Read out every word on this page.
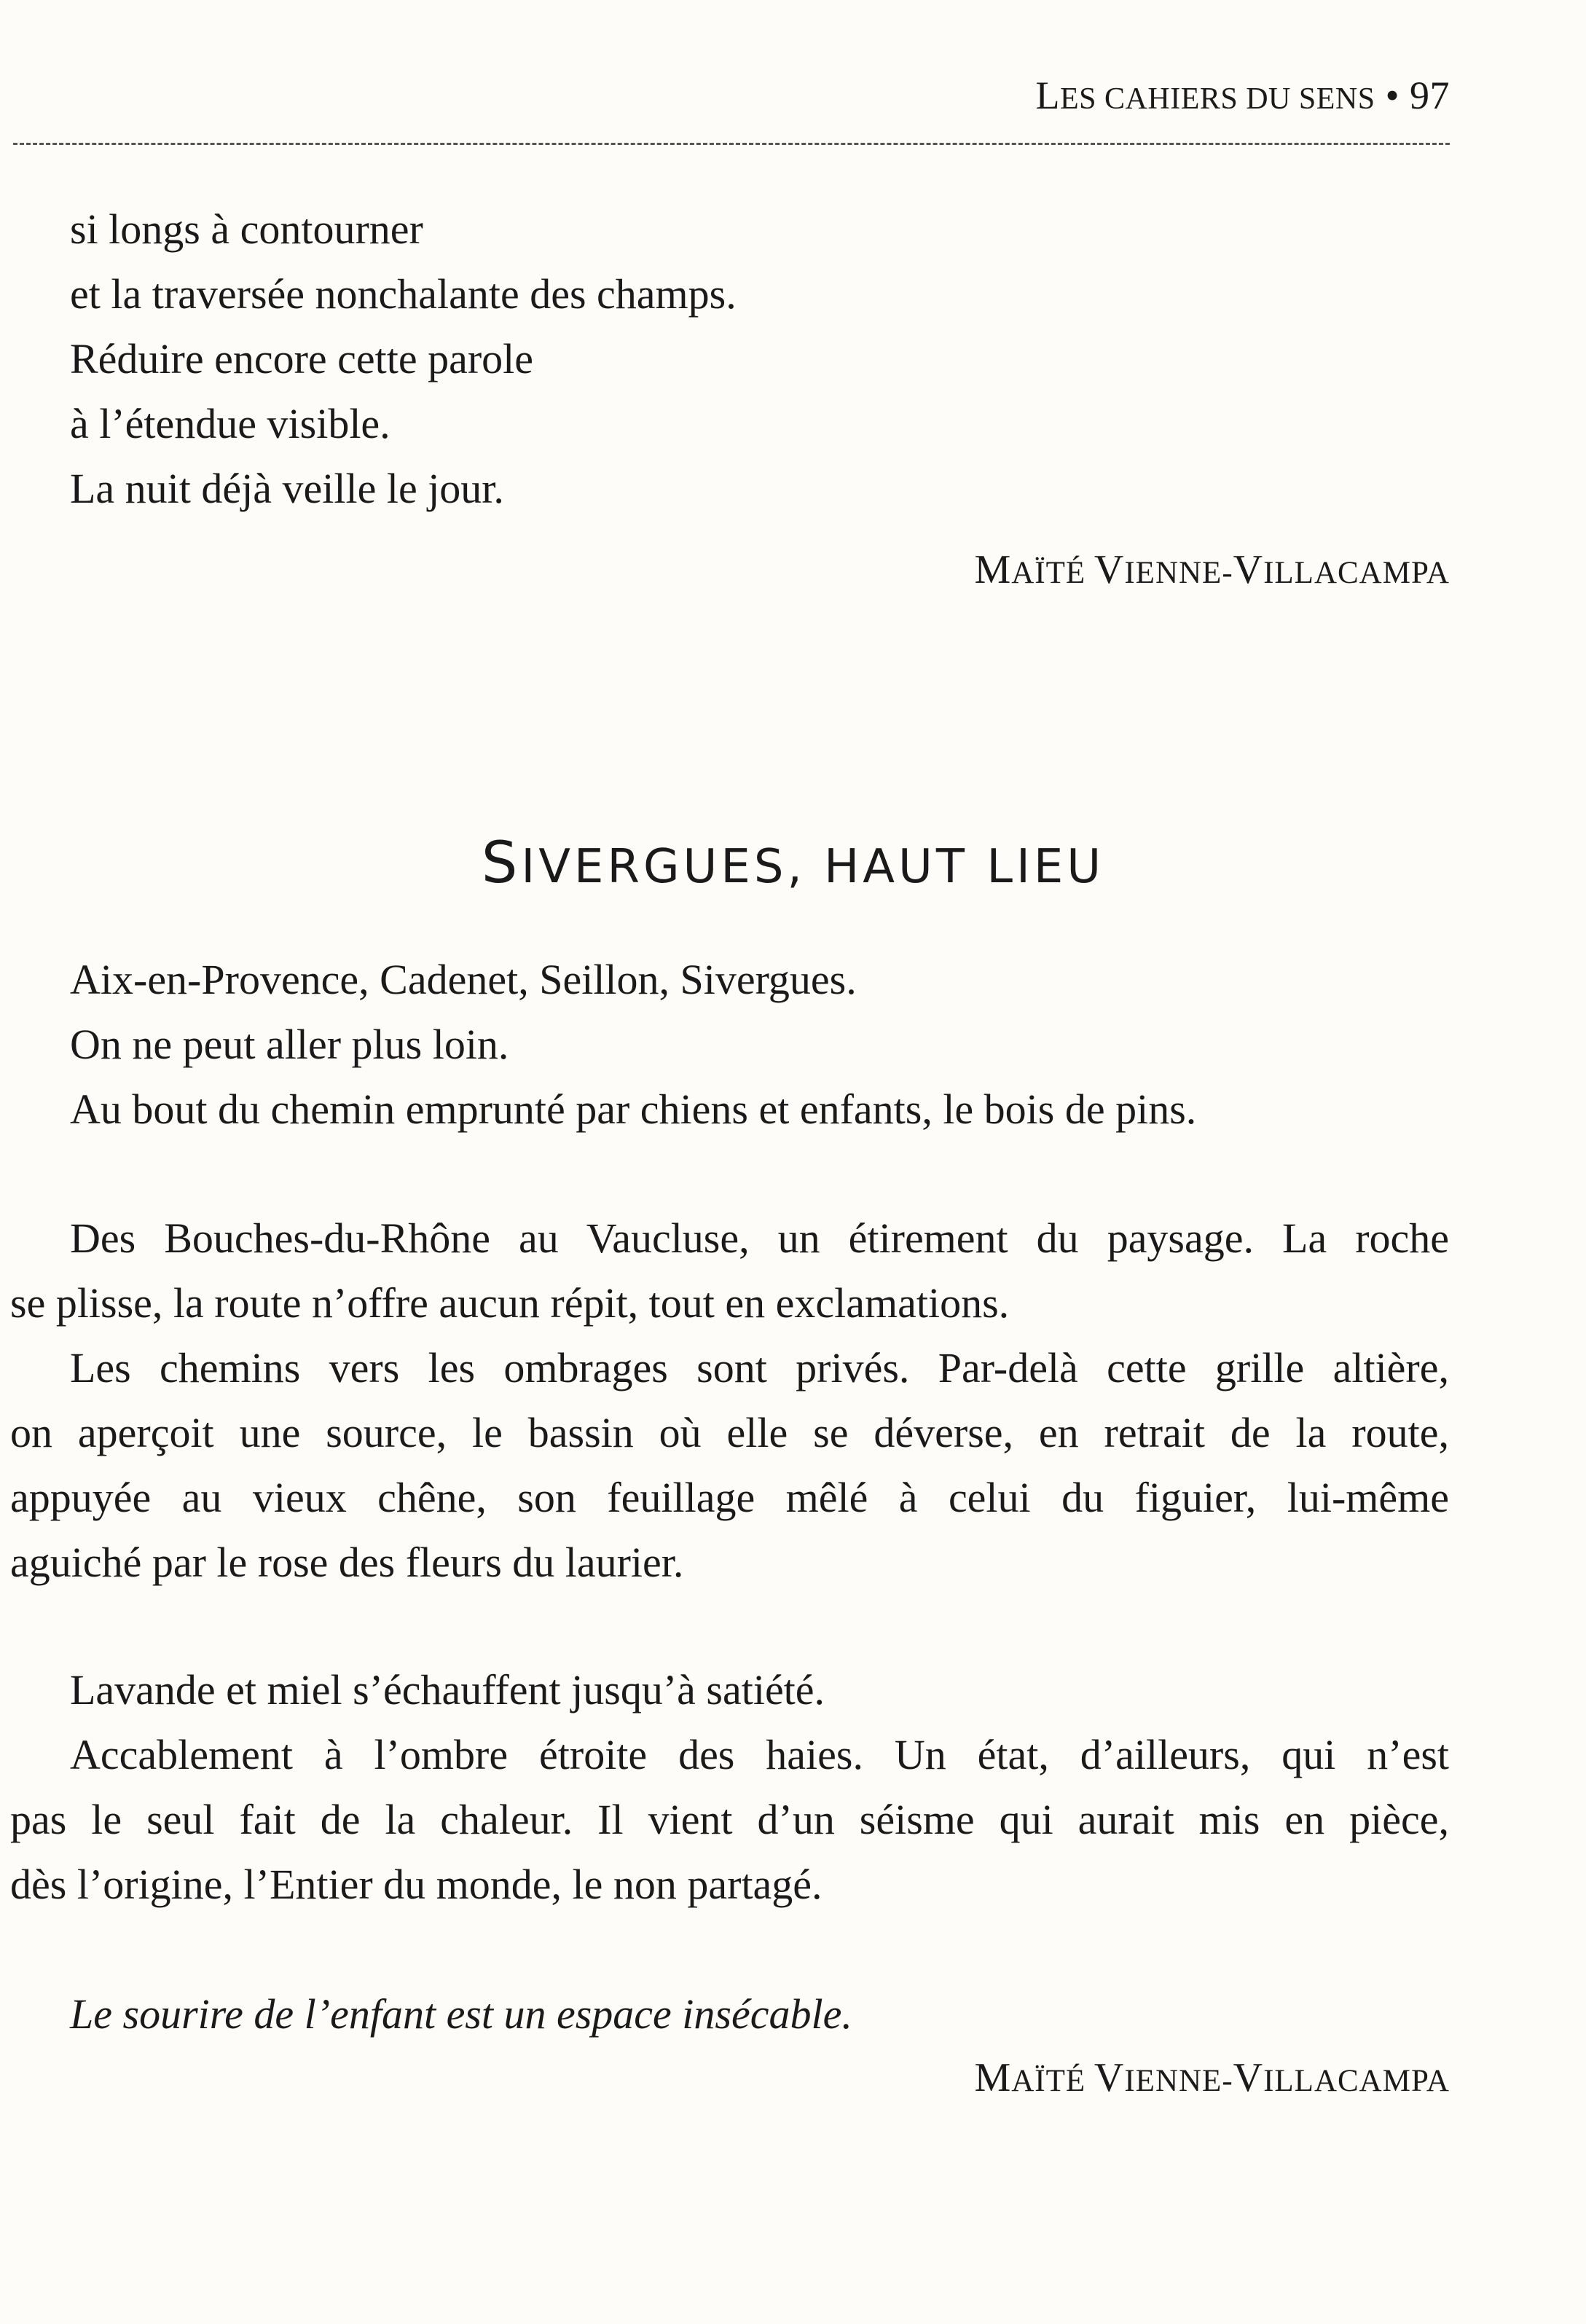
LES CAHIERS DU SENS • 97
si longs à contourner
et la traversée nonchalante des champs.
Réduire encore cette parole
à l’étendue visible.
La nuit déjà veille le jour.
MAÏTÉ VIENNE-VILLACAMPA
SIVERGUES, HAUT LIEU
Aix-en-Provence, Cadenet, Seillon, Sivergues.
On ne peut aller plus loin.
Au bout du chemin emprunté par chiens et enfants, le bois de pins.
Des Bouches-du-Rhône au Vaucluse, un étirement du paysage. La roche
se plisse, la route n’offre aucun répit, tout en exclamations.
Les chemins vers les ombrages sont privés. Par-delà cette grille altière,
on aperçoit une source, le bassin où elle se déverse, en retrait de la route,
appuyée au vieux chêne, son feuillage mêlé à celui du figuier, lui-même
aguiché par le rose des fleurs du laurier.
Lavande et miel s’échauffent jusqu’à satiété.
Accablement à l’ombre étroite des haies. Un état, d’ailleurs, qui n’est
pas le seul fait de la chaleur. Il vient d’un séisme qui aurait mis en pièce,
dès l’origine, l’Entier du monde, le non partagé.
Le sourire de l’enfant est un espace insécable.
MAÏTÉ VIENNE-VILLACAMPA
